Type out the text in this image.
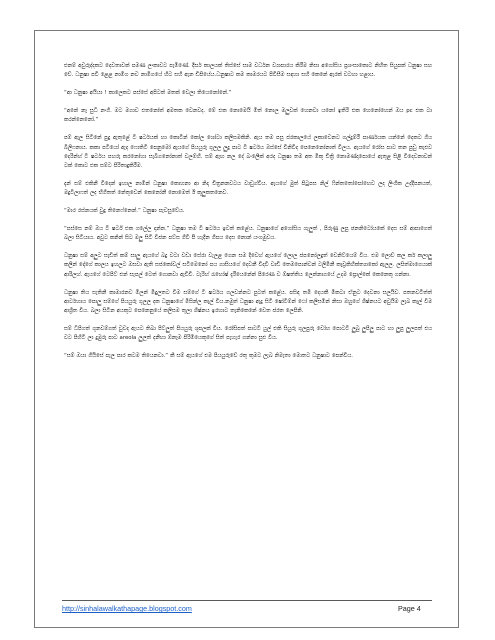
එනම් අවුරුද්දකට දෙවතාවක් පමණ ලංකාවට පැමිණේ. දීර්ඝ කාලයක් තිස්සේ සාම වර්ධන ව්‍යාපාරය කිරීම නිසා අගෝසිය ප්‍රශංසාකොට නිහිත සියුපක් ධනුෂා සහ වේ. ධනුෂා පවි ළෙළ නාමිග නව නාමිගයේ හිට සහි ඇන ඩිපියේය.ධනුෂාට කම කාමරයට පිවිසීම සඳහා සහි කෙනේ ඇරක් වටහා හළාය.

“ආ ධනුෂා අයියා ! කාලෙකට පස්සේ අපිටත් මතක් වෙලා තියෙනෝනේ.”

“අනේ නෑ සුධී නංගි. මට මගාව එතනෝත් අමතක වෙනවද. මේ එක නොමෙයි මිත් නොල මලුවක් හෙනවා යනෝ ඉතිරි එක හෙනෝහෙන් ඔය pc එක ටා කරන්නෙනෝ.”

පම් ඇල සිටිනේ පුදු ඇතුළේ ටී ෂර්ටයක් හා කොටින් කෝල ශෝටා කලිසමකිනි. ඇය තම පසු ජරකාලයේ ලකාවෙනට ගල්දුම්රී පාර්ණයක යන්නේ දෙකට ගිය බිලිෆනාය. කකා පටියෝ ඇද ෆොතිටි පෙනුමෝ ඇයගේ පියයුරු ගුලල ලුදු පාට ටී ෂර්ටය ඔස්සේ විනිවිද පෙනෙනෝනාත් විලය. ඇයගේ රෝස පාට තන පුඩු කැළුව දෙරින්හ් ටී ෂර්ටය පහරු කරනෝහා සැබීගනෝනාත් වලම්හි. සම් ඇඟ නල දේ බංලෙීක් අරද ධනුෂා තම අත මිකු චිත්‍රි නොමණ්දාපොයේ ඇතුළ සිළි විදෙවනාවන් ටක් කොට එක සම්ට පිරිතාදුකිරීම.

දැන් සම් එකිනී විදෙන් ඉහාල නාමින් ධනුෂා කොහනා ආ නිදා චිත්‍රනනවටය වාඩුග්විය. ඇයගේ මුත් පිටුපස නිල් ෆින්තතෝපෝහෙව ලද ලිංගික උද්දීපනයත්, මදුටීලාෆත් ලද භිගීතත් නේතුවෙන් කෙනෝනී නොමෙත් ඊ කුලුකතනෙව.

“මාර රස්නයක් වුදු තිනෙෆ්නෙන්.” ධනුෂා පැවසුවේය.

“පස්සෙ නම් ඔය ටී ෂර්ට් එක ගලේල දාන්න.” ධනුෂා තම ටී ෂර්ටය ඉවත් කළේය. ධනුෂාගේ අගෝසිය ගැලුත් , පිරුණු ලපු ඡනනිටෝයකේ දෙස සම් ආපාගෙත් බලා සිටියාය. අවුට කනින් සිට මලු සිටි වීජන පට්ස ගිවී පී හැදින ගීපය දෙස නොන් යංගමුවය.

ධනුෂා සම් අලුට සැඩීත් කම් සාලු ඇයගේ බදු වටා වඩා සේරා වැලළ ගෙන සම දිවෙහ් ඇයගේ ලොල ජපනෝලදුත් වෙනිට්යෙම් විය. එම ලොව් කල කර් කලාලු කලින් දෝගේ කාලය ඉහලට ඔසවා ඇති සජකෝවල් සටිමෙනෝ පය ගාසියගේ දෙවනී විදවී වාඩි තෙමපොන්වන් ටලිමිනී කෑව්‍රකිහික්ත්‍යාකෝ ඇලල. ලඝිත්මාගෙයාක් ආරිලහ්. ඇයගේ ටෙපිට් එන් සැපල් ටෙත් ගොනවා ඇවිවි. ටැරිහ් රැහෝෂ් දැරීයෙනේන් පිරෙණ ව ඕෂත්තිය ලෙන්නාගයේ උදම ප්‍රොල්කේ කෙනෙකු ගන්නා.

ධනුෂා තිය සැතිනී කාමාරනව මිලන් මිදුලතට විම සම්ගේ ටී ෂර්ටය ගලවන්නට පුටත් කළේය. පසිඳ තමී දෙයකී මිකටා ඒනුට දෙවනා සලයිව. පතනවටිත්ත් ආර්ටහාය පොලු සම්ගේ පියයුරු ගුලල දක ධනුෂාගේ මිසින්ල කෑල් විය.නමුත් ධනුෂා ඇදු සිටි ෂෝටීම්න් ථෝ කලිසමින් නිසා ඔහුගේ ශිෂ්නයට අවුයිම ලැබ කෑල් වීම ආශ්‍රිත විය. බලා සිටින අයකුට පෙනෙනුයේ කලිසම තුලා ශිෂ්නය ඉරහාට තැනිකෙනේ වෙත ජරත ලෙපිනි.

සම් ධීපිගත් ගුනවම්ගත් වුවද ඇයට තිබා පිට්ලුත් පියයුරු ශුපලක් විය. රෝසිපත් පාටටී යුල් එකි සියුරු ගුලපුරු වෝහ පොටටී ලුබු ලුපිලු පාට හා ලුපු ලුලපත් එය වට පිහිටි ලා දුමුරු පාට areola ලුලත් දනීහා ඕනෑම පිරිමියෙකුගේ සිත් පැහැර ගන්නා සුළු විය.

“සම් ඔයා ගියිසේ පැල පාර කටම තියෙනවා.” කී සම් ඇයගේ එම පියයුරුවේ රතු කුමට ලැබ නිමැතා මොතට ධනුෂාට පෙන්විය.

http://sinhalawalkathapage.blogspot.com	Page 4
